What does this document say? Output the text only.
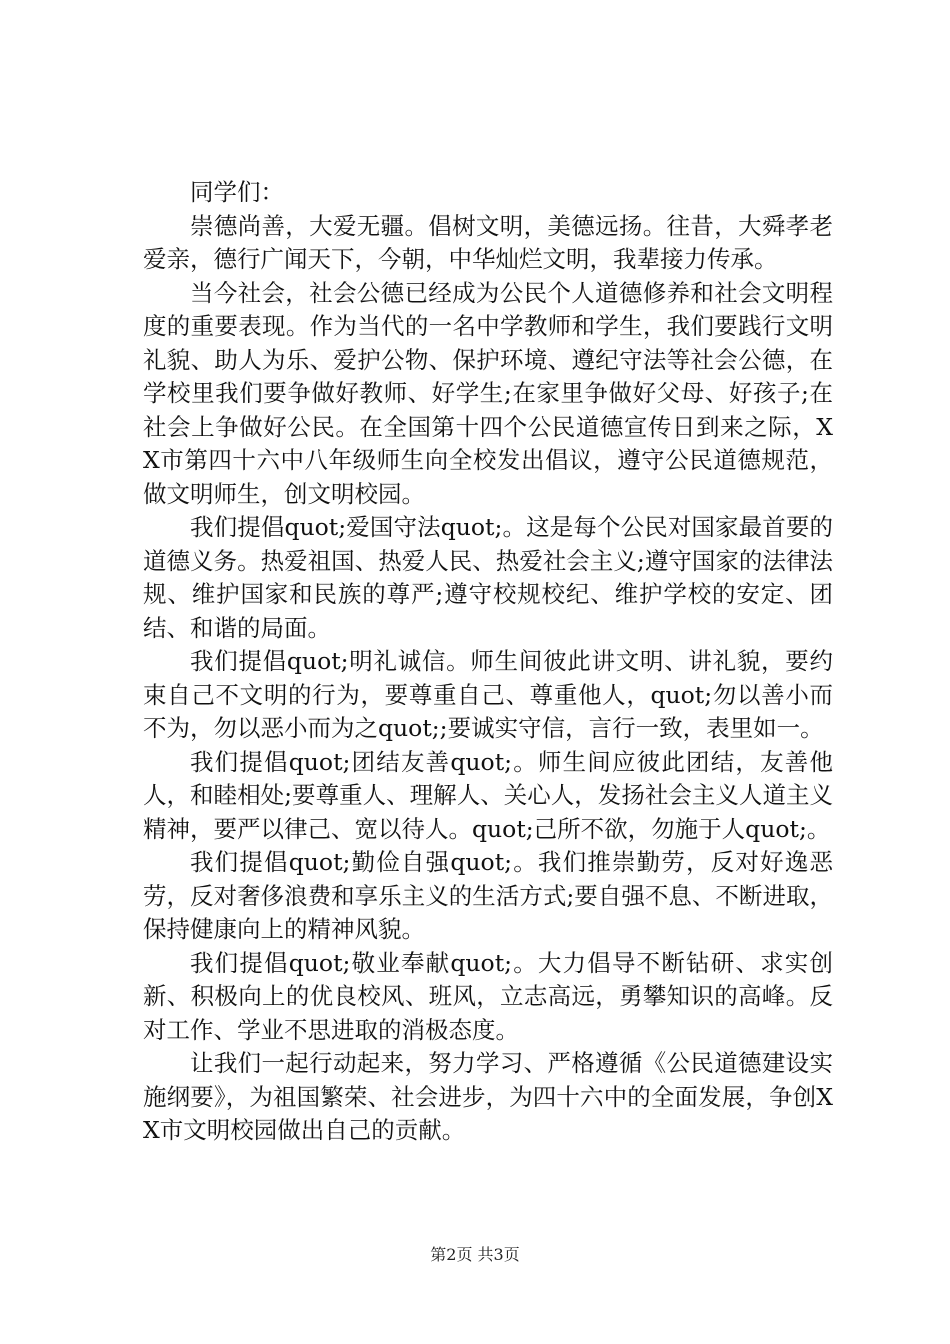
同学们：

崇德尚善，大爱无疆。倡树文明，美德远扬。往昔，大舜孝老爱亲，德行广闻天下，今朝，中华灿烂文明，我辈接力传承。

当今社会，社会公德已经成为公民个人道德修养和社会文明程度的重要表现。作为当代的一名中学教师和学生，我们要践行文明礼貌、助人为乐、爱护公物、保护环境、遵纪守法等社会公德，在学校里我们要争做好教师、好学生;在家里争做好父母、好孩子;在社会上争做好公民。在全国第十四个公民道德宣传日到来之际，XX市第四十六中八年级师生向全校发出倡议，遵守公民道德规范，做文明师生，创文明校园。

我们提倡quot;爱国守法quot;。这是每个公民对国家最首要的道德义务。热爱祖国、热爱人民、热爱社会主义;遵守国家的法律法规、维护国家和民族的尊严;遵守校规校纪、维护学校的安定、团结、和谐的局面。

我们提倡quot;明礼诚信。师生间彼此讲文明、讲礼貌，要约束自己不文明的行为，要尊重自己、尊重他人，quot;勿以善小而不为，勿以恶小而为之quot;;要诚实守信，言行一致，表里如一。

我们提倡quot;团结友善quot;。师生间应彼此团结，友善他人，和睦相处;要尊重人、理解人、关心人，发扬社会主义人道主义精神，要严以律己、宽以待人。quot;己所不欲，勿施于人quot;。

我们提倡quot;勤俭自强quot;。我们推崇勤劳，反对好逸恶劳，反对奢侈浪费和享乐主义的生活方式;要自强不息、不断进取，保持健康向上的精神风貌。

我们提倡quot;敬业奉献quot;。大力倡导不断钻研、求实创新、积极向上的优良校风、班风，立志高远，勇攀知识的高峰。反对工作、学业不思进取的消极态度。

让我们一起行动起来，努力学习、严格遵循《公民道德建设实施纲要》，为祖国繁荣、社会进步，为四十六中的全面发展，争创XX市文明校园做出自己的贡献。

第2页 共3页
